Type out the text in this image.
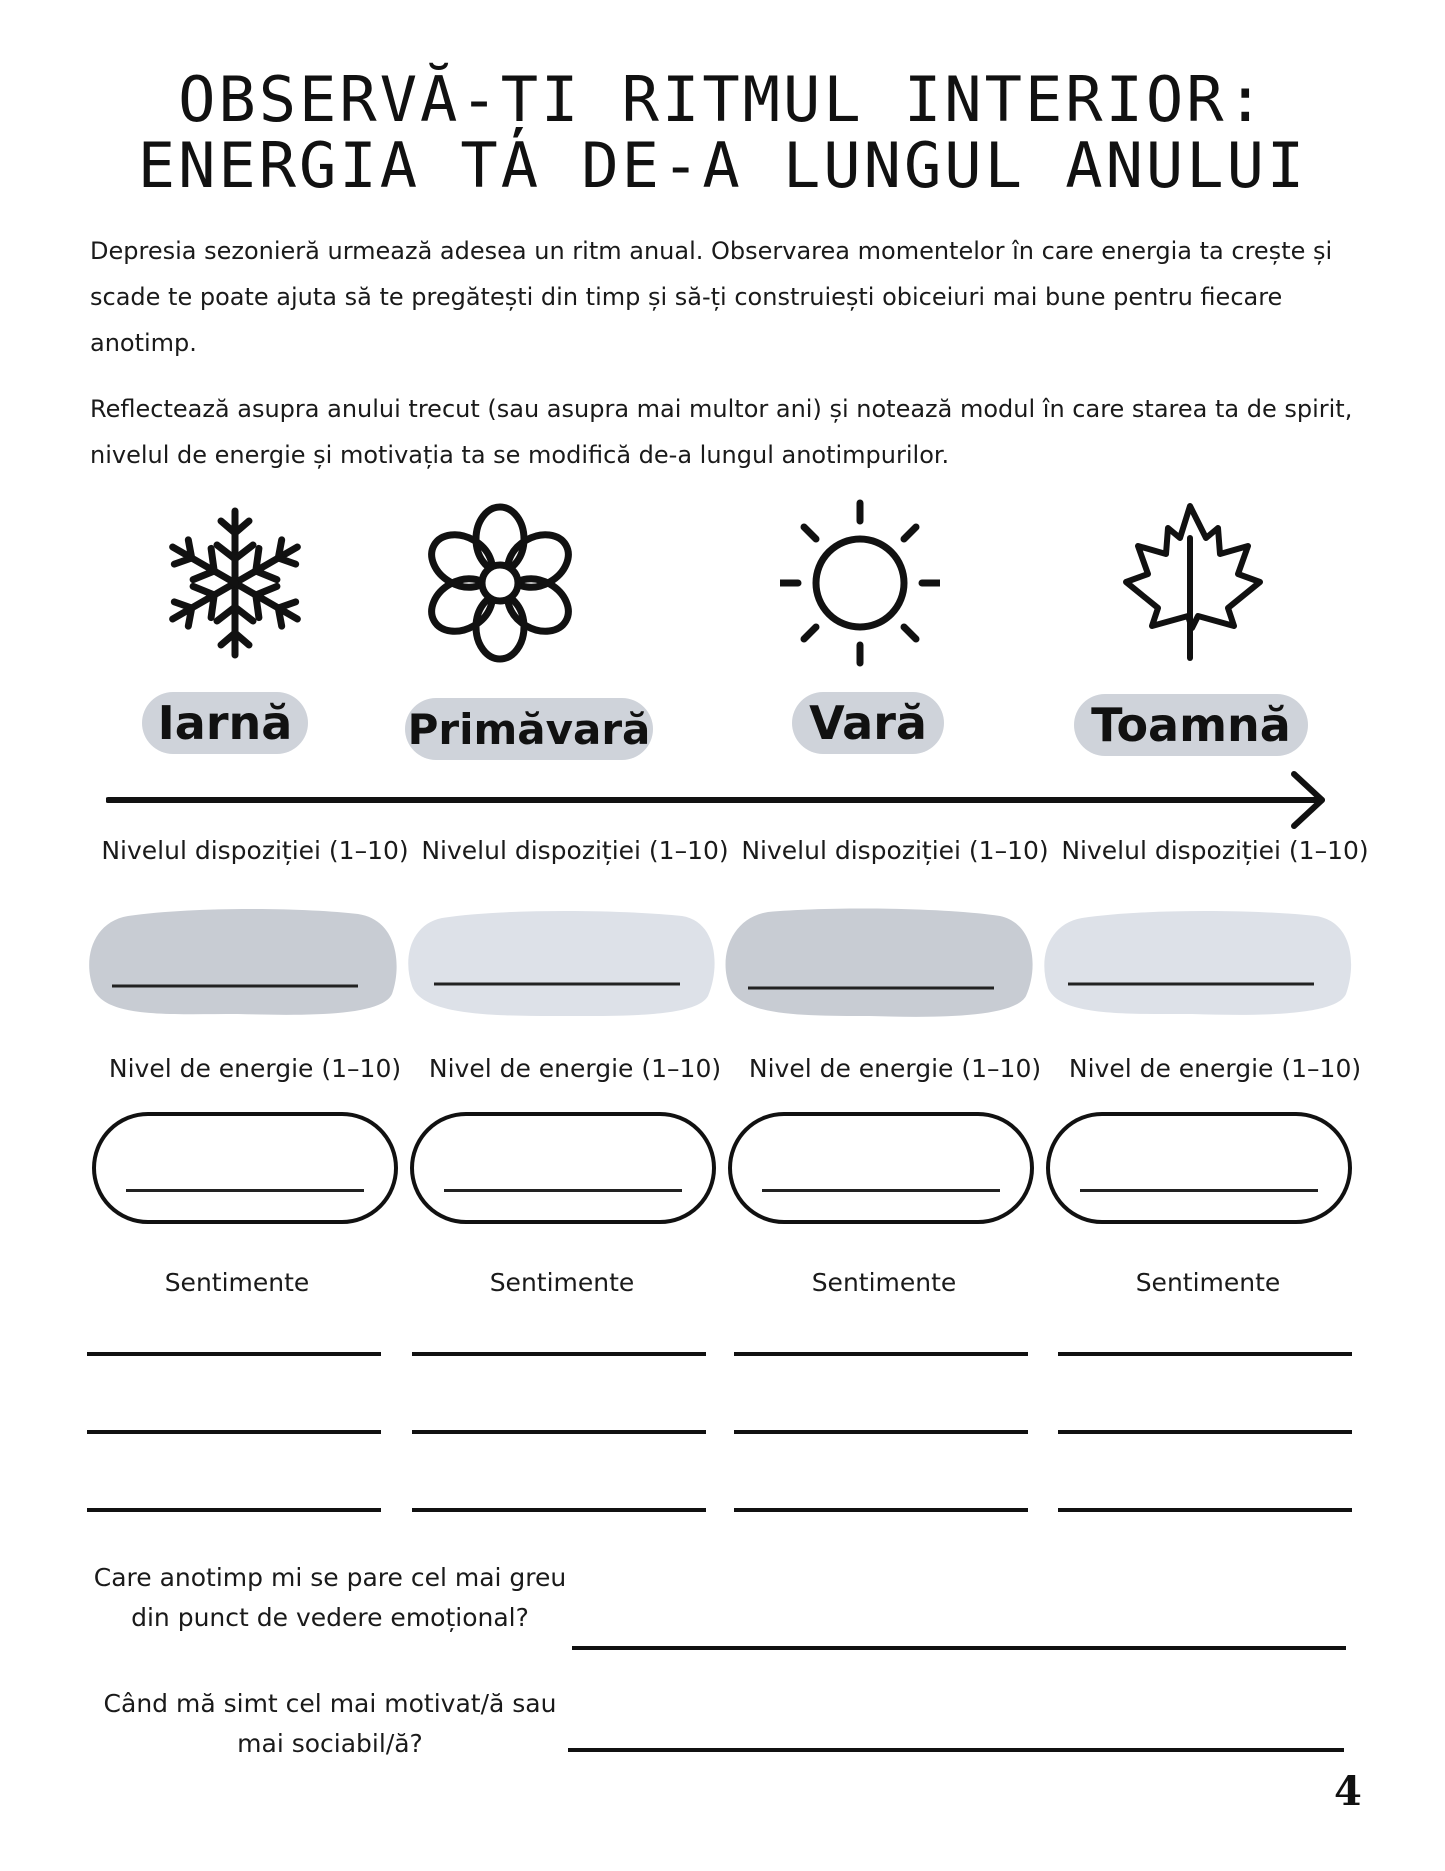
OBSERVĂ-ȚI RITMUL INTERIOR:
ENERGIA TA DE-A LUNGUL ANULUI
Depresia sezonieră urmează adesea un ritm anual. Observarea momentelor în care energia ta crește și scade te poate ajuta să te pregătești din timp și să-ți construiești obiceiuri mai bune pentru fiecare anotimp.
Reflectează asupra anului trecut (sau asupra mai multor ani) și notează modul în care starea ta de spirit, nivelul de energie și motivația ta se modifică de-a lungul anotimpurilor.
Iarnă	Primăvară	Vară	Toamnă
Nivelul dispoziției (1–10) Nivelul dispoziției (1–10) Nivelul dispoziției (1–10) Nivelul dispoziției (1–10)
Nivel de energie (1–10)	Nivel de energie (1–10)	Nivel de energie (1–10)	Nivel de energie (1–10)
Sentimente	Sentimente	Sentimente	Sentimente
Care anotimp mi se pare cel mai greu din punct de vedere emoțional?
Când mă simt cel mai motivat/ă sau mai sociabil/ă?
4
